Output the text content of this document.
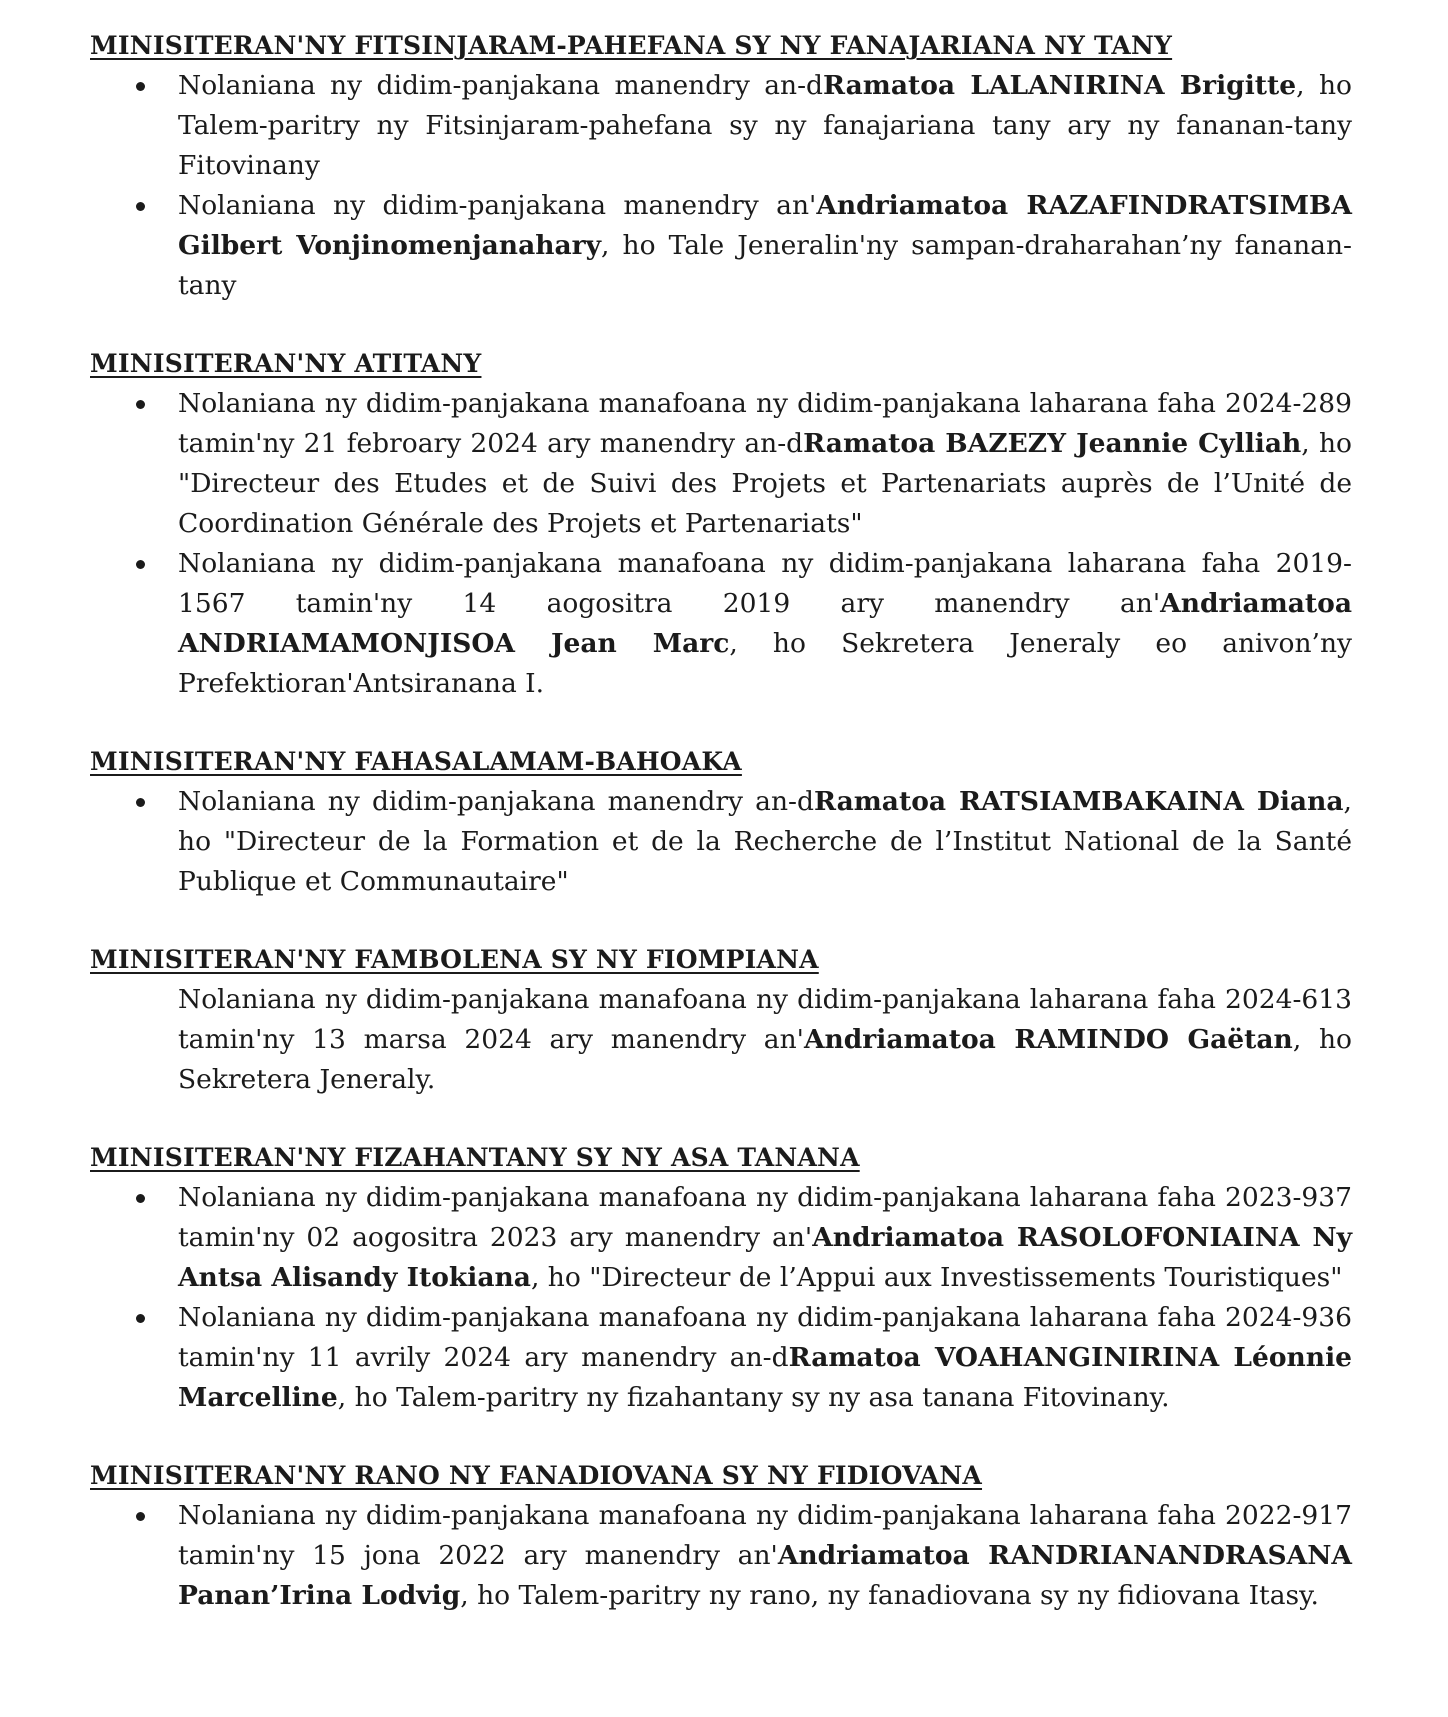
MINISITERAN'NY FITSINJARAM-PAHEFANA SY NY FANAJARIANA NY TANY
Nolaniana ny didim-panjakana manendry an-dRamatoa LALANIRINA Brigitte, ho Talem-paritry ny Fitsinjaram-pahefana sy ny fanajariana tany ary ny fananan-tany Fitovinany
Nolaniana ny didim-panjakana manendry an'Andriamatoa RAZAFINDRATSIMBA Gilbert Vonjinomenjanahary, ho Tale Jeneralin'ny sampan-draharahan’ny fananan-tany
MINISITERAN'NY ATITANY
Nolaniana ny didim-panjakana manafoana ny didim-panjakana laharana faha 2024-289 tamin'ny 21 febroary 2024 ary manendry an-dRamatoa BAZEZY Jeannie Cylliah, ho "Directeur des Etudes et de Suivi des Projets et Partenariats auprès de l’Unité de Coordination Générale des Projets et Partenariats"
Nolaniana ny didim-panjakana manafoana ny didim-panjakana laharana faha 2019-1567 tamin'ny 14 aogositra 2019 ary manendry an'Andriamatoa ANDRIAMAMONJISOA Jean Marc, ho Sekretera Jeneraly eo anivon’ny Prefektioran'Antsiranana I.
MINISITERAN'NY FAHASALAMAM-BAHOAKA
Nolaniana ny didim-panjakana manendry an-dRamatoa RATSIAMBAKAINA Diana, ho "Directeur de la Formation et de la Recherche de l’Institut National de la Santé Publique et Communautaire"
MINISITERAN'NY FAMBOLENA SY NY FIOMPIANA
Nolaniana ny didim-panjakana manafoana ny didim-panjakana laharana faha 2024-613 tamin'ny 13 marsa 2024 ary manendry an'Andriamatoa RAMINDO Gaëtan, ho Sekretera Jeneraly.
MINISITERAN'NY FIZAHANTANY SY NY ASA TANANA
Nolaniana ny didim-panjakana manafoana ny didim-panjakana laharana faha 2023-937 tamin'ny 02 aogositra 2023 ary manendry an'Andriamatoa RASOLOFONIAINA Ny Antsa Alisandy Itokiana, ho "Directeur de l’Appui aux Investissements Touristiques"
Nolaniana ny didim-panjakana manafoana ny didim-panjakana laharana faha 2024-936 tamin'ny 11 avrily 2024 ary manendry an-dRamatoa VOAHANGINIRINA Léonnie Marcelline, ho Talem-paritry ny fizahantany sy ny asa tanana Fitovinany.
MINISITERAN'NY RANO NY FANADIOVANA SY NY FIDIOVANA
Nolaniana ny didim-panjakana manafoana ny didim-panjakana laharana faha 2022-917 tamin'ny 15 jona 2022 ary manendry an'Andriamatoa RANDRIANANDRASANA Panan’Irina Lodvig, ho Talem-paritry ny rano, ny fanadiovana sy ny fidiovana Itasy.
